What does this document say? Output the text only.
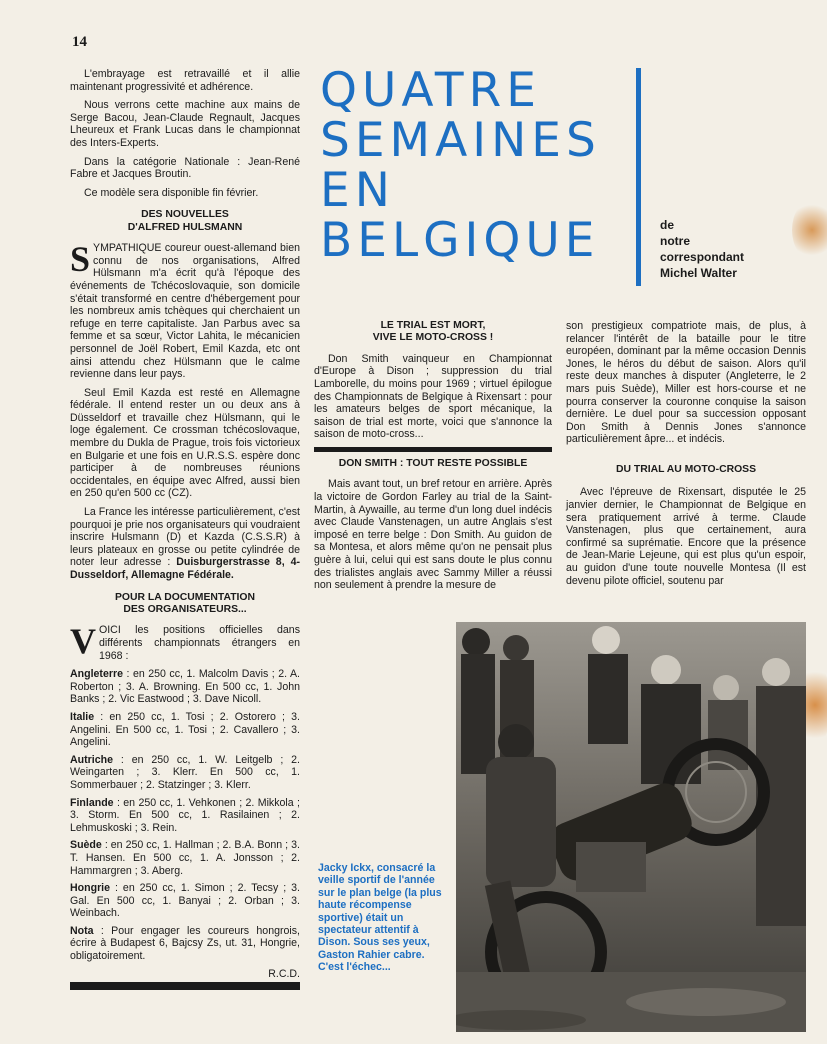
14

L'embrayage est retravaillé et il allie maintenant progressivité et adhérence.

Nous verrons cette machine aux mains de Serge Bacou, Jean-Claude Regnault, Jacques Lheureux et Frank Lucas dans le championnat des Inters-Experts.

Dans la catégorie Nationale : Jean-René Fabre et Jacques Broutin.

Ce modèle sera disponible fin février.

DES NOUVELLES
D'ALFRED HULSMANN

SYMPATHIQUE coureur ouest-allemand bien connu de nos organisations, Alfred Hülsmann m'a écrit qu'à l'époque des événements de Tchécoslovaquie, son domicile s'était transformé en centre d'hébergement pour les nombreux amis tchèques qui cherchaient un refuge en terre capitaliste. Jan Parbus avec sa femme et sa sœur, Victor Lahita, le mécanicien personnel de Joël Robert, Emil Kazda, etc ont ainsi attendu chez Hülsmann que le calme revienne dans leur pays.

Seul Emil Kazda est resté en Allemagne fédérale. Il entend rester un ou deux ans à Düsseldorf et travaille chez Hülsmann, qui le loge également. Ce crossman tchécoslovaque, membre du Dukla de Prague, trois fois victorieux en Bulgarie et une fois en U.R.S.S. espère donc participer à de nombreuses réunions occidentales, en équipe avec Alfred, aussi bien en 250 qu'en 500 cc (CZ).

La France les intéresse particulièrement, c'est pourquoi je prie nos organisateurs qui voudraient inscrire Hulsmann (D) et Kazda (C.S.S.R) à leurs plateaux en grosse ou petite cylindrée de noter leur adresse : Duisburgerstrasse 8, 4-Dusseldorf, Allemagne Fédérale.

POUR LA DOCUMENTATION
DES ORGANISATEURS...

VOICI les positions officielles dans différents championnats étrangers en 1968 :

Angleterre : en 250 cc, 1. Malcolm Davis ; 2. A. Roberton ; 3. A. Browning. En 500 cc, 1. John Banks ; 2. Vic Eastwood ; 3. Dave Nicoll.

Italie : en 250 cc, 1. Tosi ; 2. Ostorero ; 3. Angelini. En 500 cc, 1. Tosi ; 2. Cavallero ; 3. Angelini.

Autriche : en 250 cc, 1. W. Leitgelb ; 2. Weingarten ; 3. Klerr. En 500 cc, 1. Sommerbauer ; 2. Statzinger ; 3. Klerr.

Finlande : en 250 cc, 1. Vehkonen ; 2. Mikkola ; 3. Storm. En 500 cc, 1. Rasilainen ; 2. Lehmuskoski ; 3. Rein.

Suède : en 250 cc, 1. Hallman ; 2. B.A. Bonn ; 3. T. Hansen. En 500 cc, 1. A. Jonsson ; 2. Hammargren ; 3. Aberg.

Hongrie : en 250 cc, 1. Simon ; 2. Tecsy ; 3. Gal. En 500 cc, 1. Banyai ; 2. Orban ; 3. Weinbach.

Nota : Pour engager les coureurs hongrois, écrire à Budapest 6, Bajcsy Zs, ut. 31, Hongrie, obligatoirement.

R.C.D.
QUATRE
SEMAINES
EN
BELGIQUE	de
notre
correspondant
Michel Walter
LE TRIAL EST MORT,
VIVE LE MOTO-CROSS !

Don Smith vainqueur en Championnat d'Europe à Dison ; suppression du trial Lamborelle, du moins pour 1969 ; virtuel épilogue des Championnats de Belgique à Rixensart : pour les amateurs belges de sport mécanique, la saison de trial est morte, voici que s'annonce la saison de moto-cross...

DON SMITH : TOUT RESTE POSSIBLE

Mais avant tout, un bref retour en arrière. Après la victoire de Gordon Farley au trial de la Saint-Martin, à Aywaille, au terme d'un long duel indécis avec Claude Vanstenagen, un autre Anglais s'est imposé en terre belge : Don Smith. Au guidon de sa Montesa, et alors même qu'on ne pensait plus guère à lui, celui qui est sans doute le plus connu des trialistes anglais avec Sammy Miller a réussi non seulement à prendre la mesure de

son prestigieux compatriote mais, de plus, à relancer l'intérêt de la bataille pour le titre européen, dominant par la même occasion Dennis Jones, le héros du début de saison. Alors qu'il reste deux manches à disputer (Angleterre, le 2 mars puis Suède), Miller est hors-course et ne pourra conserver la couronne conquise la saison dernière. Le duel pour sa succession opposant Don Smith à Dennis Jones s'annonce particulièrement âpre... et indécis.

DU TRIAL AU MOTO-CROSS

Avec l'épreuve de Rixensart, disputée le 25 janvier dernier, le Championnat de Belgique en sera pratiquement arrivé à terme. Claude Vanstenagen, plus que certainement, aura confirmé sa suprématie. Encore que la présence de Jean-Marie Lejeune, qui est plus qu'un espoir, au guidon d'une toute nouvelle Montesa (Il est devenu pilote officiel, soutenu par

Jacky Ickx, consacré la veille sportif de l'année sur le plan belge (la plus haute récompense sportive) était un spectateur attentif à Dison. Sous ses yeux, Gaston Rahier cabre. C'est l'échec...
